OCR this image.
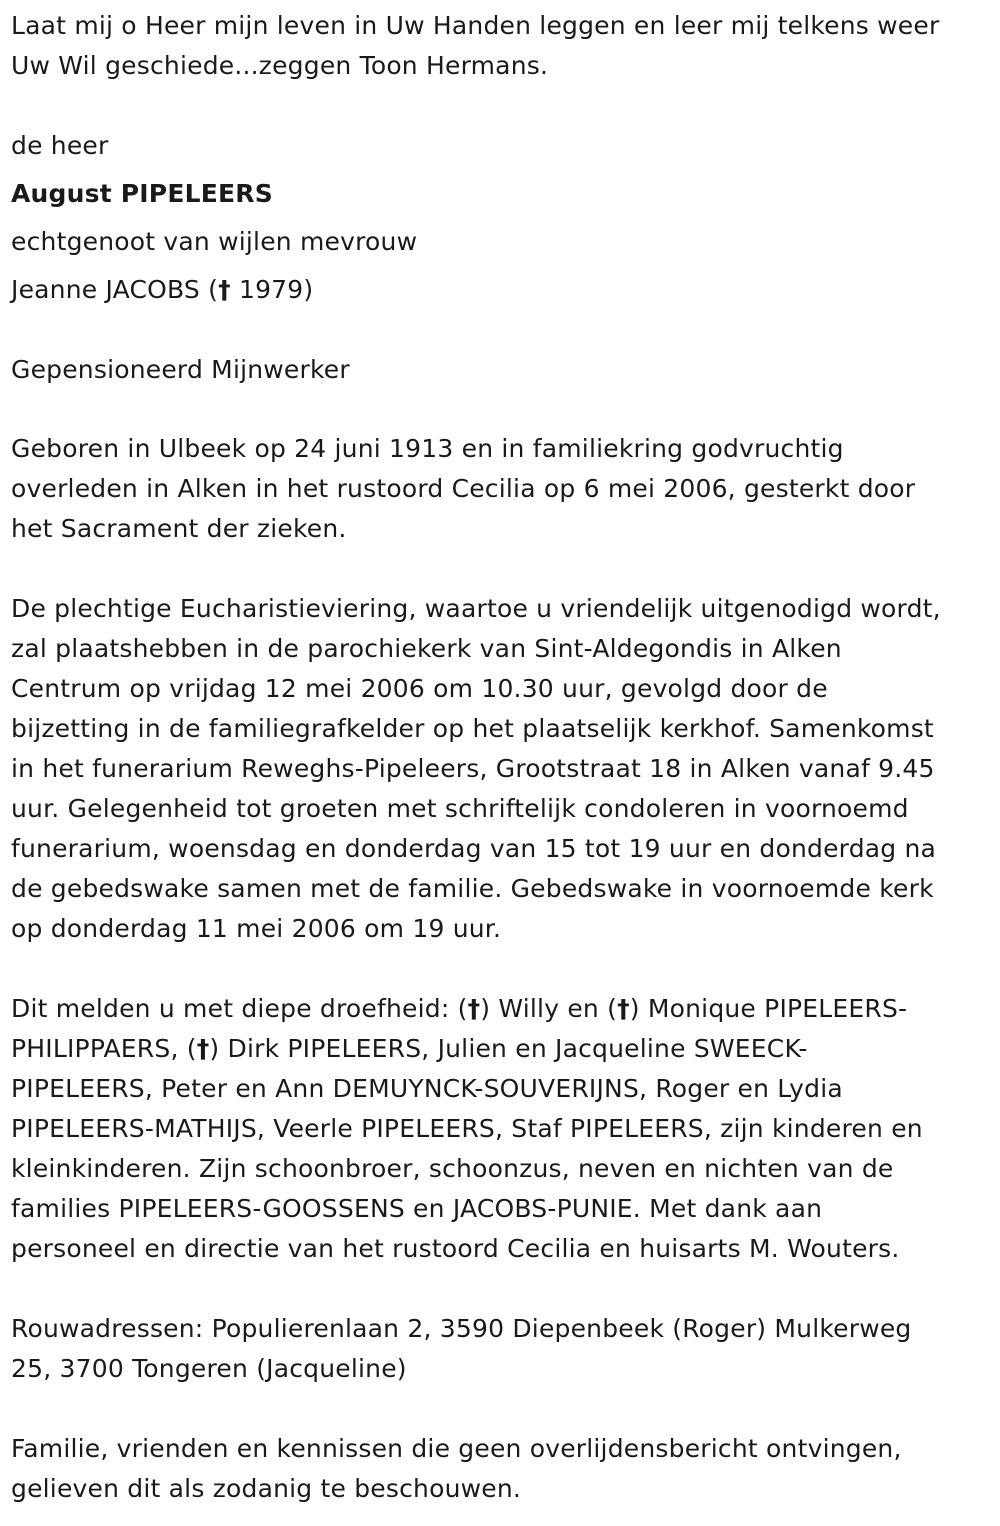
Laat mij o Heer mijn leven in Uw Handen leggen en leer mij telkens weer
Uw Wil geschiede...zeggen Toon Hermans.
de heer
August PIPELEERS
echtgenoot van wijlen mevrouw
Jeanne JACOBS († 1979)
Gepensioneerd Mijnwerker
Geboren in Ulbeek op 24 juni 1913 en in familiekring godvruchtig
overleden in Alken in het rustoord Cecilia op 6 mei 2006, gesterkt door
het Sacrament der zieken.
De plechtige Eucharistieviering, waartoe u vriendelijk uitgenodigd wordt,
zal plaatshebben in de parochiekerk van Sint-Aldegondis in Alken
Centrum op vrijdag 12 mei 2006 om 10.30 uur, gevolgd door de
bijzetting in de familiegrafkelder op het plaatselijk kerkhof. Samenkomst
in het funerarium Reweghs-Pipeleers, Grootstraat 18 in Alken vanaf 9.45
uur. Gelegenheid tot groeten met schriftelijk condoleren in voornoemd
funerarium, woensdag en donderdag van 15 tot 19 uur en donderdag na
de gebedswake samen met de familie. Gebedswake in voornoemde kerk
op donderdag 11 mei 2006 om 19 uur.
Dit melden u met diepe droefheid: (†) Willy en (†) Monique PIPELEERS-
PHILIPPAERS, (†) Dirk PIPELEERS, Julien en Jacqueline SWEECK-
PIPELEERS, Peter en Ann DEMUYNCK-SOUVERIJNS, Roger en Lydia
PIPELEERS-MATHIJS, Veerle PIPELEERS, Staf PIPELEERS, zijn kinderen en
kleinkinderen. Zijn schoonbroer, schoonzus, neven en nichten van de
families PIPELEERS-GOOSSENS en JACOBS-PUNIE. Met dank aan
personeel en directie van het rustoord Cecilia en huisarts M. Wouters.
Rouwadressen: Populierenlaan 2, 3590 Diepenbeek (Roger) Mulkerweg
25, 3700 Tongeren (Jacqueline)
Familie, vrienden en kennissen die geen overlijdensbericht ontvingen,
gelieven dit als zodanig te beschouwen.
